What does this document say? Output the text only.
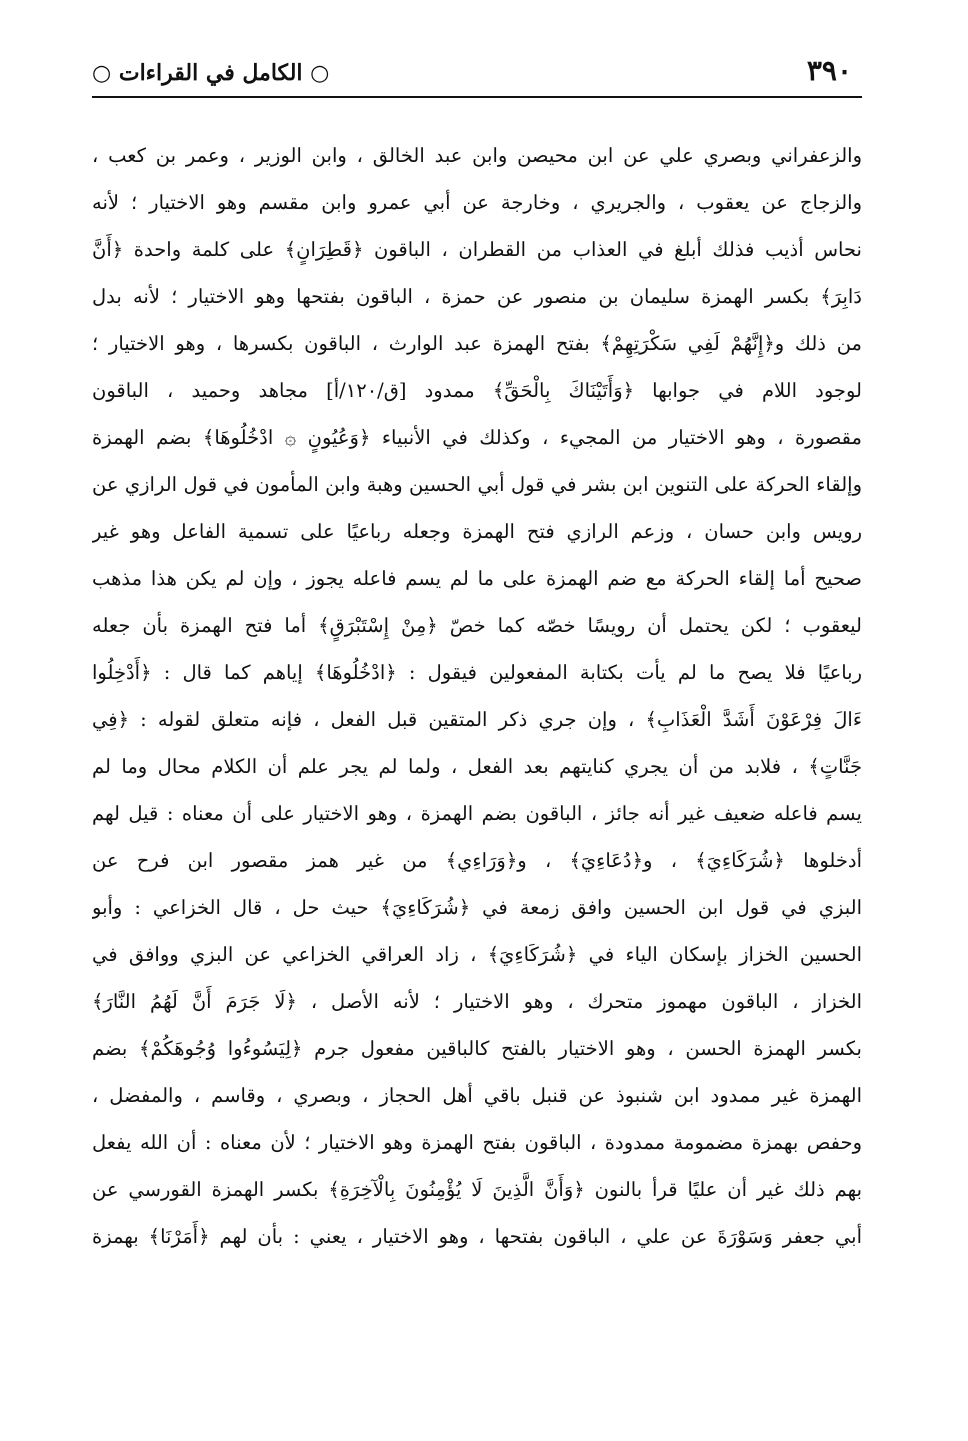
٣٩٠
○ الكامل في القراءات ○
والزعفراني وبصري علي عن ابن محيصن وابن عبد الخالق ، وابن الوزير ، وعمر بن كعب ،
والزجاج عن يعقوب ، والجريري ، وخارجة عن أبي عمرو وابن مقسم وهو الاختيار ؛ لأنه
نحاس أذيب فذلك أبلغ في العذاب من القطران ، الباقون ﴿قَطِرَانٍ﴾ على كلمة واحدة ﴿أَنَّ
دَابِرَ﴾ بكسر الهمزة سليمان بن منصور عن حمزة ، الباقون بفتحها وهو الاختيار ؛ لأنه بدل
من ذلك و﴿إِنَّهُمْ لَفِي سَكْرَتِهِمْ﴾ بفتح الهمزة عبد الوارث ، الباقون بكسرها ، وهو الاختيار ؛
لوجود اللام في جوابها ﴿وَأَتَيْنَاكَ بِالْحَقِّ﴾ ممدود [ق/١٢٠/أ] مجاهد وحميد ، الباقون
مقصورة ، وهو الاختيار من المجيء ، وكذلك في الأنبياء ﴿وَعُيُونٍ ۞ ادْخُلُوهَا﴾ بضم الهمزة
وإلقاء الحركة على التنوين ابن بشر في قول أبي الحسين وهبة وابن المأمون في قول الرازي عن
رويس وابن حسان ، وزعم الرازي فتح الهمزة وجعله رباعيًا على تسمية الفاعل وهو غير
صحيح أما إلقاء الحركة مع ضم الهمزة على ما لم يسم فاعله يجوز ، وإن لم يكن هذا مذهب
ليعقوب ؛ لكن يحتمل أن رويسًا خصّه كما خصّ ﴿مِنْ إِسْتَبْرَقٍ﴾ أما فتح الهمزة بأن جعله
رباعيًا فلا يصح ما لم يأت بكتابة المفعولين فيقول : ﴿ادْخُلُوهَا﴾ إياهم كما قال : ﴿أَدْخِلُوا
ءَالَ فِرْعَوْنَ أَشَدَّ الْعَذَابِ﴾ ، وإن جري ذكر المتقين قبل الفعل ، فإنه متعلق لقوله : ﴿فِي
جَنَّاتٍ﴾ ، فلابد من أن يجري كنايتهم بعد الفعل ، ولما لم يجر علم أن الكلام محال وما لم
يسم فاعله ضعيف غير أنه جائز ، الباقون بضم الهمزة ، وهو الاختيار على أن معناه : قيل لهم
أدخلوها ﴿شُرَكَاءِيَ﴾ ، و﴿دُعَاءِيَ﴾ ، و﴿وَرَاءِي﴾ من غير همز مقصور ابن فرح عن
البزي في قول ابن الحسين وافق زمعة في ﴿شُرَكَاءِيَ﴾ حيث حل ، قال الخزاعي : وأبو
الحسين الخزاز بإسكان الياء في ﴿شُرَكَاءِيَ﴾ ، زاد العراقي الخزاعي عن البزي ووافق في
الخزاز ، الباقون مهموز متحرك ، وهو الاختيار ؛ لأنه الأصل ، ﴿لَا جَرَمَ أَنَّ لَهُمُ النَّارَ﴾
بكسر الهمزة الحسن ، وهو الاختيار بالفتح كالباقين مفعول جرم ﴿لِيَسُوءُوا وُجُوهَكُمْ﴾ بضم
الهمزة غير ممدود ابن شنبوذ عن قنبل باقي أهل الحجاز ، وبصري ، وقاسم ، والمفضل ،
وحفص بهمزة مضمومة ممدودة ، الباقون بفتح الهمزة وهو الاختيار ؛ لأن معناه : أن الله يفعل
بهم ذلك غير أن عليًا قرأ بالنون ﴿وَأَنَّ الَّذِينَ لَا يُؤْمِنُونَ بِالْآخِرَةِ﴾ بكسر الهمزة القورسي عن
أبي جعفر وَسَوْرَةَ عن علي ، الباقون بفتحها ، وهو الاختيار ، يعني : بأن لهم ﴿أَمَرْنَا﴾ بهمزة
